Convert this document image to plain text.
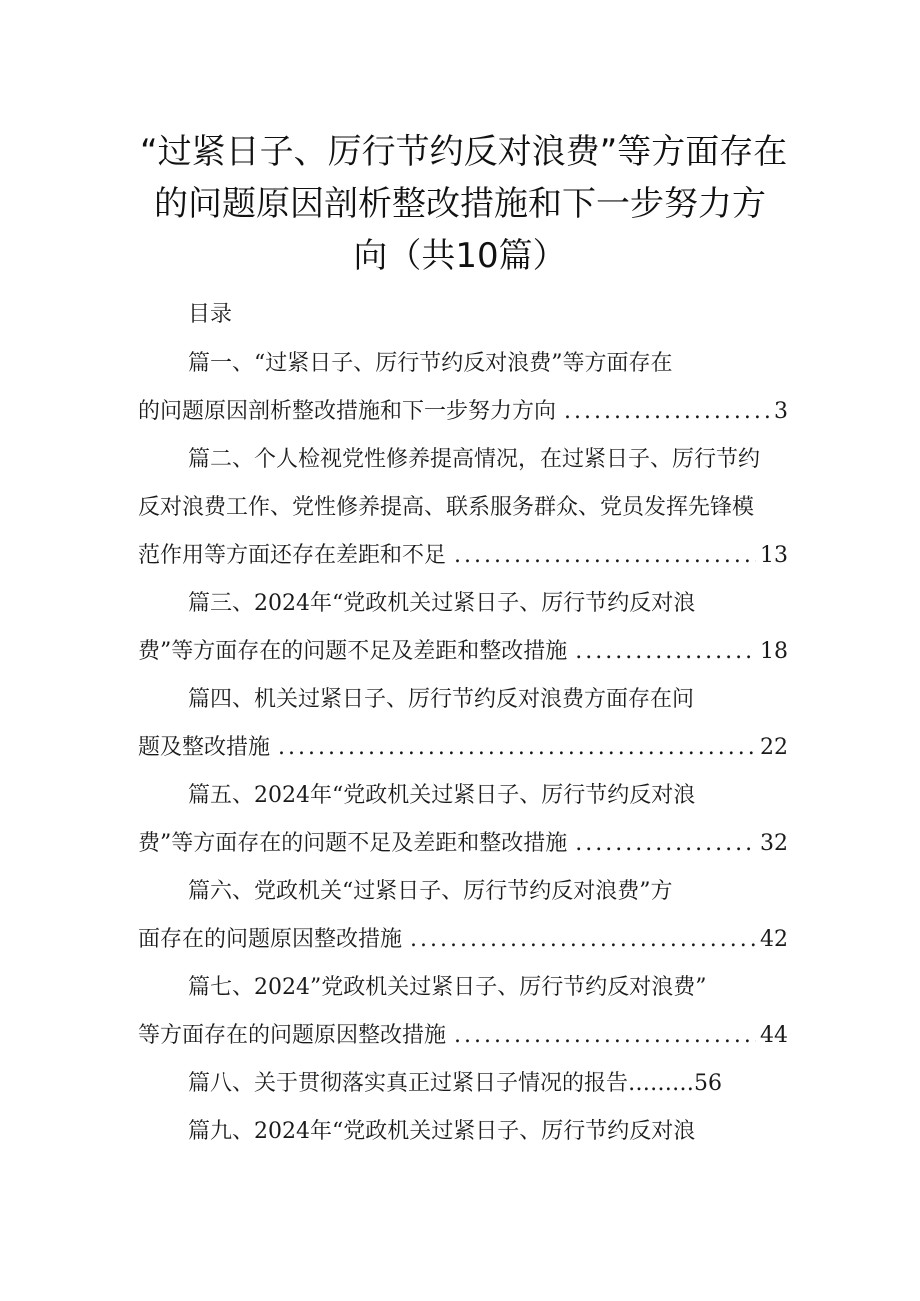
“过紧日子、厉行节约反对浪费”等方面存在
的问题原因剖析整改措施和下一步努力方
向（共10篇）
目录
篇一、“过紧日子、厉行节约反对浪费”等方面存在
的问题原因剖析整改措施和下一步努力方向 .....	3
篇二、个人检视党性修养提高情况，在过紧日子、厉行节约
反对浪费工作、党性修养提高、联系服务群众、党员发挥先锋模
范作用等方面还存在差距和不足 .....	13
篇三、2024年“党政机关过紧日子、厉行节约反对浪
费”等方面存在的问题不足及差距和整改措施 .....	18
篇四、机关过紧日子、厉行节约反对浪费方面存在问
题及整改措施 .....	22
篇五、2024年“党政机关过紧日子、厉行节约反对浪
费”等方面存在的问题不足及差距和整改措施 .....	32
篇六、党政机关“过紧日子、厉行节约反对浪费”方
面存在的问题原因整改措施 .....	42
篇七、2024”党政机关过紧日子、厉行节约反对浪费”
等方面存在的问题原因整改措施 .....	44
篇八、关于贯彻落实真正过紧日子情况的报告………56
篇九、2024年“党政机关过紧日子、厉行节约反对浪
